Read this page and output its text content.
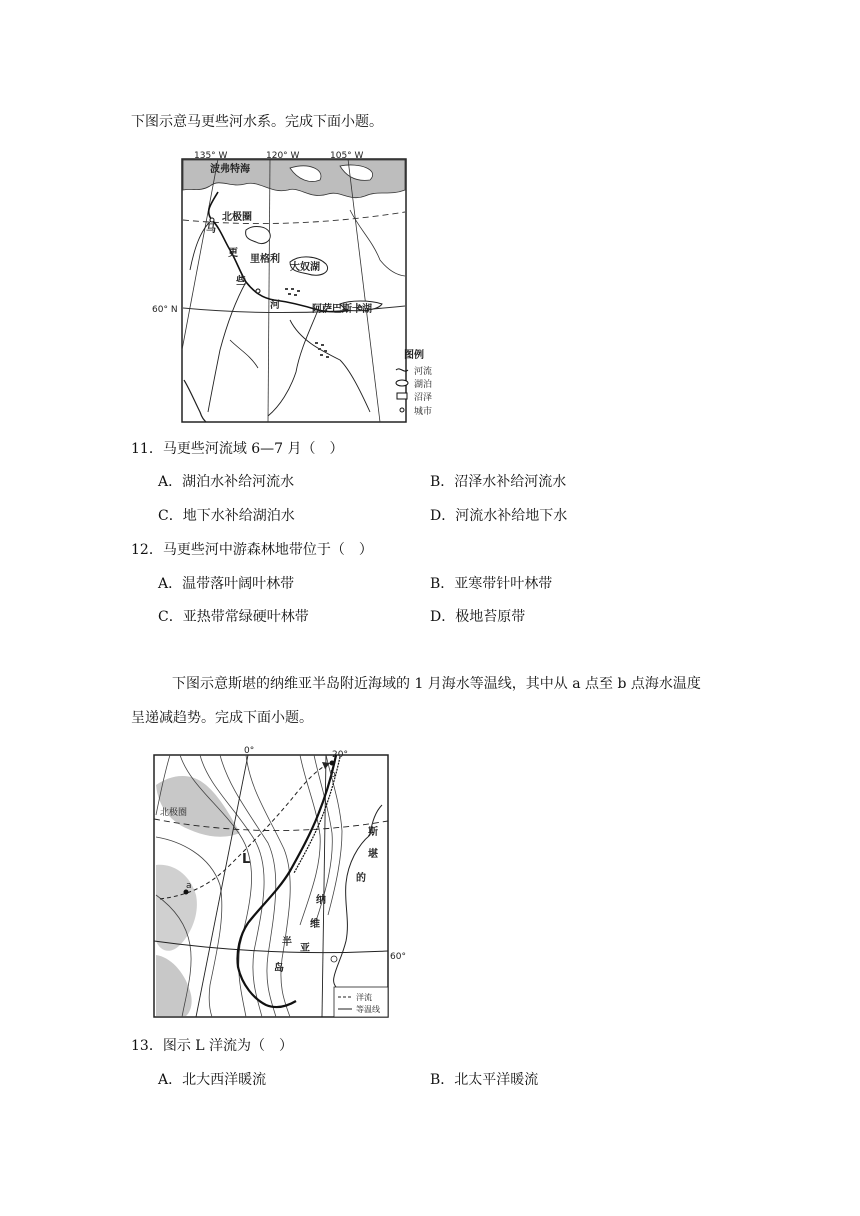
下图示意马更些河水系。完成下面小题。
135° W	120° W	105° W
60° N
波弗特海
北极圈
马
更
里格利
大奴湖
些
河	阿萨巴斯卡湖
图例
河流
湖泊
沼泽
城市
11．马更些河流域 6—7 月（　）
A．湖泊水补给河流水	B．沼泽水补给河流水
C．地下水补给湖泊水	D．河流水补给地下水
12．马更些河中游森林地带位于（　）
A．温带落叶阔叶林带	B．亚寒带针叶林带
C．亚热带常绿硬叶林带	D．极地苔原带
下图示意斯堪的纳维亚半岛附近海域的 1 月海水等温线，其中从 a 点至 b 点海水温度
呈递减趋势。完成下面小题。
0°	20°
60°
北极圈
a
b
L
斯
堪
的
纳
维
亚
半
岛
洋流
等温线
13．图示 L 洋流为（　）
A．北大西洋暖流	B．北太平洋暖流
